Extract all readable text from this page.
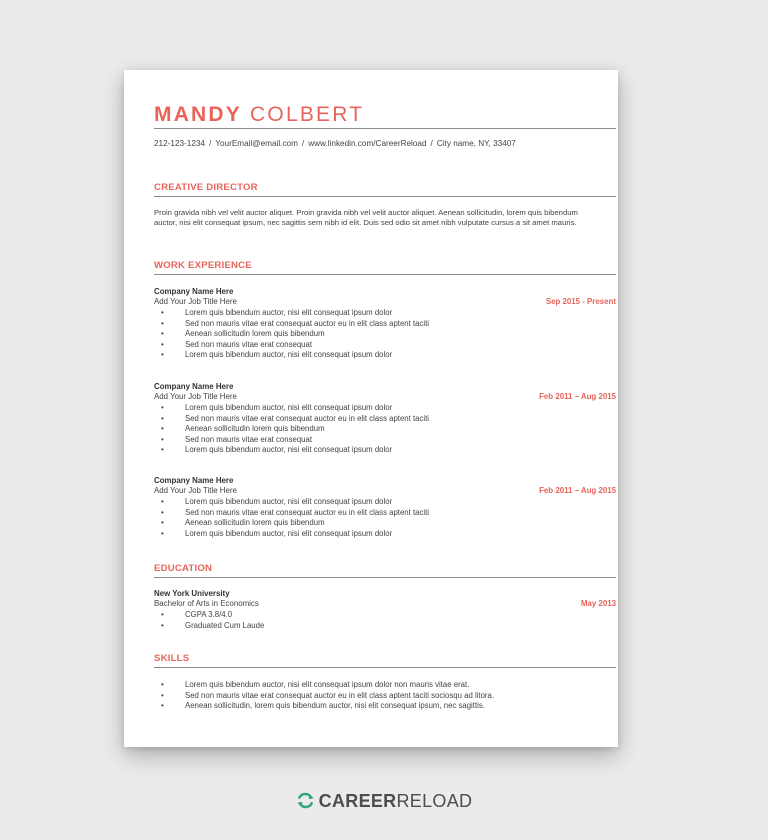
MANDY COLBERT
212-123-1234 / YourEmail@email.com / www.linkedin.com/CareerReload / City name, NY, 33407
CREATIVE DIRECTOR
Proin gravida nibh vel velit auctor aliquet. Proin gravida nibh vel velit auctor aliquet. Aenean sollicitudin, lorem quis bibendum auctor, nisi elit consequat ipsum, nec sagittis sem nibh id elit. Duis sed odio sit amet nibh vulputate cursus a sit amet mauris.
WORK EXPERIENCE
Company Name Here
Add Your Job Title Here	Sep 2015 - Present
• Lorem quis bibendum auctor, nisi elit consequat ipsum dolor
• Sed non mauris vitae erat consequat auctor eu in elit class aptent taciti
• Aenean sollicitudin lorem quis bibendum
• Sed non mauris vitae erat consequat
• Lorem quis bibendum auctor, nisi elit consequat ipsum dolor
Company Name Here
Add Your Job Title Here	Feb 2011 – Aug 2015
• Lorem quis bibendum auctor, nisi elit consequat ipsum dolor
• Sed non mauris vitae erat consequat auctor eu in elit class aptent taciti
• Aenean sollicitudin lorem quis bibendum
• Sed non mauris vitae erat consequat
• Lorem quis bibendum auctor, nisi elit consequat ipsum dolor
Company Name Here
Add Your Job Title Here	Feb 2011 – Aug 2015
• Lorem quis bibendum auctor, nisi elit consequat ipsum dolor
• Sed non mauris vitae erat consequat auctor eu in elit class aptent taciti
• Aenean sollicitudin lorem quis bibendum
• Lorem quis bibendum auctor, nisi elit consequat ipsum dolor
EDUCATION
New York University
Bachelor of Arts in Economics	May 2013
• CGPA 3.8/4.0
• Graduated Cum Laude
SKILLS
• Lorem quis bibendum auctor, nisi elit consequat ipsum dolor non mauris vitae erat.
• Sed non mauris vitae erat consequat auctor eu in elit class aptent taciti sociosqu ad litora.
• Aenean sollicitudin, lorem quis bibendum auctor, nisi elit consequat ipsum, nec sagittis.
CAREERRELOAD
